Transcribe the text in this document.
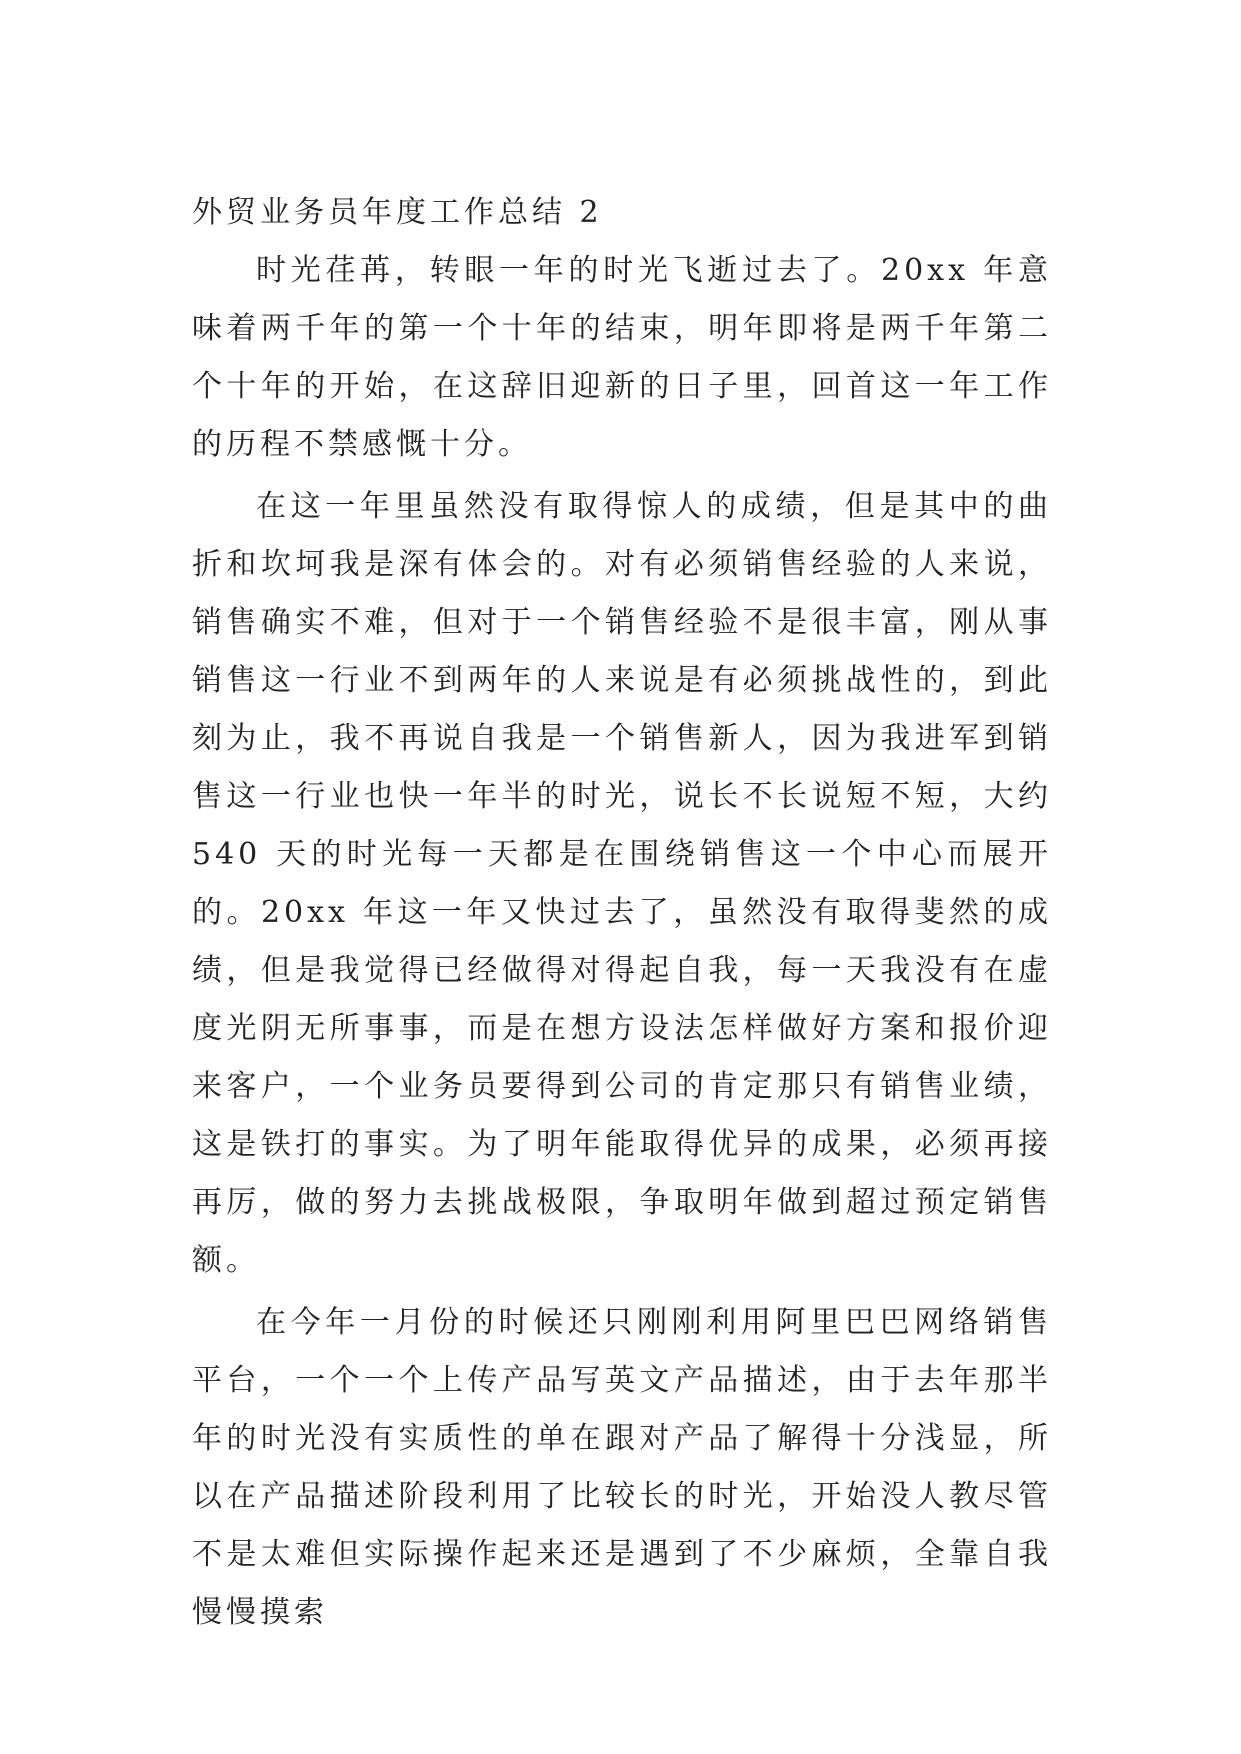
外贸业务员年度工作总结 2

时光荏苒，转眼一年的时光飞逝过去了。20xx 年意味着两千年的第一个十年的结束，明年即将是两千年第二个十年的开始，在这辞旧迎新的日子里，回首这一年工作的历程不禁感慨十分。

在这一年里虽然没有取得惊人的成绩，但是其中的曲折和坎坷我是深有体会的。对有必须销售经验的人来说，销售确实不难，但对于一个销售经验不是很丰富，刚从事销售这一行业不到两年的人来说是有必须挑战性的，到此刻为止，我不再说自我是一个销售新人，因为我进军到销售这一行业也快一年半的时光，说长不长说短不短，大约 540 天的时光每一天都是在围绕销售这一个中心而展开的。20xx 年这一年又快过去了，虽然没有取得斐然的成绩，但是我觉得已经做得对得起自我，每一天我没有在虚度光阴无所事事，而是在想方设法怎样做好方案和报价迎来客户，一个业务员要得到公司的肯定那只有销售业绩，这是铁打的事实。为了明年能取得优异的成果，必须再接再厉，做的努力去挑战极限，争取明年做到超过预定销售额。

在今年一月份的时候还只刚刚利用阿里巴巴网络销售平台，一个一个上传产品写英文产品描述，由于去年那半年的时光没有实质性的单在跟对产品了解得十分浅显，所以在产品描述阶段利用了比较长的时光，开始没人教尽管不是太难但实际操作起来还是遇到了不少麻烦，全靠自我慢慢摸索
